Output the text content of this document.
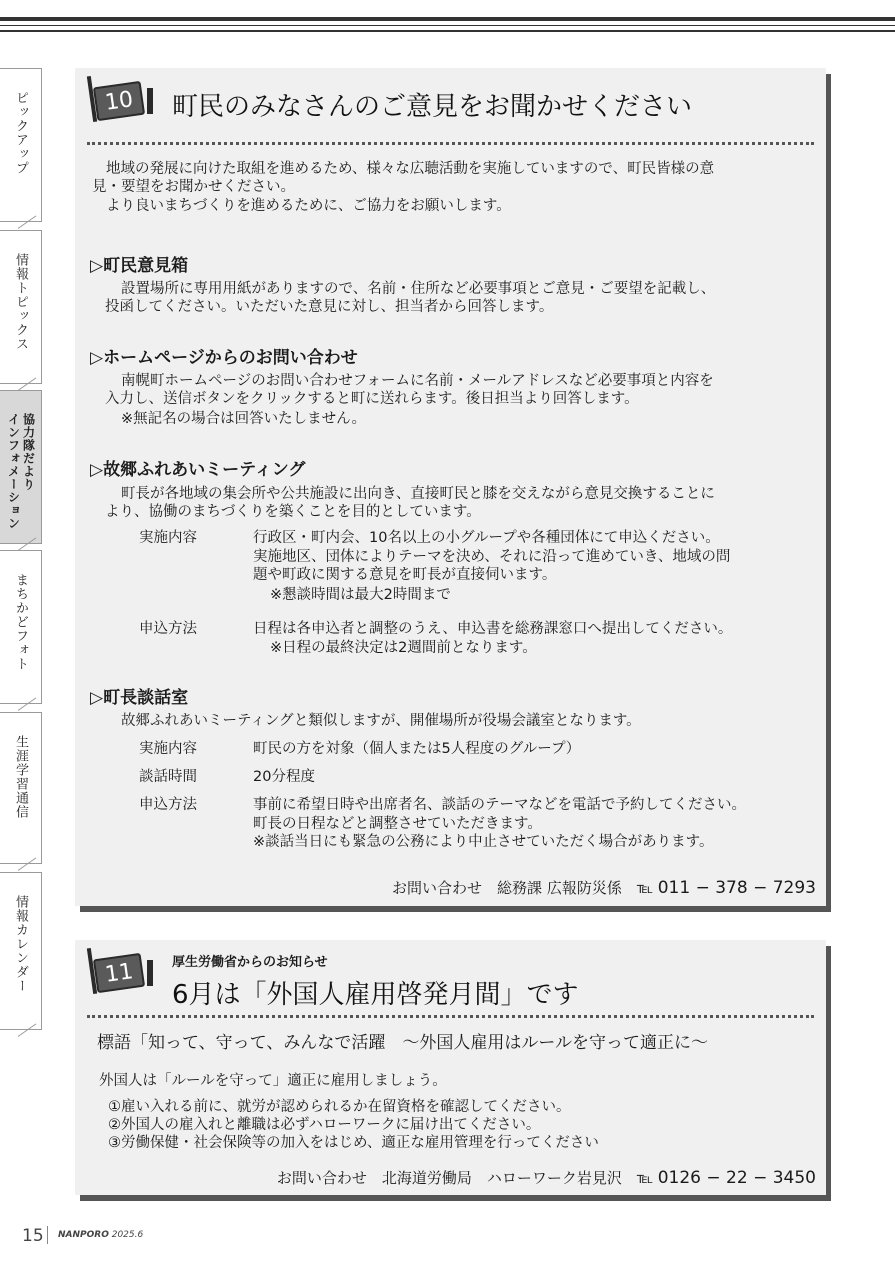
ピックアップ
情報トピックス
インフォメーション 協力隊だより
まちかどフォト
生涯学習通信
情報カレンダー
10	町民のみなさんのご意見をお聞かせください
地域の発展に向けた取組を進めるため、様々な広聴活動を実施していますので、町民皆様の意
見・要望をお聞かせください。
より良いまちづくりを進めるために、ご協力をお願いします。
▷町民意見箱
設置場所に専用用紙がありますので、名前・住所など必要事項とご意見・ご要望を記載し、
投函してください。いただいた意見に対し、担当者から回答します。
▷ホームページからのお問い合わせ
南幌町ホームページのお問い合わせフォームに名前・メールアドレスなど必要事項と内容を
入力し、送信ボタンをクリックすると町に送れらます。後日担当より回答します。
※無記名の場合は回答いたしません。
▷故郷ふれあいミーティング
町長が各地域の集会所や公共施設に出向き、直接町民と膝を交えながら意見交換することに
より、協働のまちづくりを築くことを目的としています。
実施内容	行政区・町内会、10名以上の小グループや各種団体にて申込ください。
実施地区、団体によりテーマを決め、それに沿って進めていき、地域の問
題や町政に関する意見を町長が直接伺います。
※懇談時間は最大2時間まで
申込方法	日程は各申込者と調整のうえ、申込書を総務課窓口へ提出してください。
※日程の最終決定は2週間前となります。
▷町長談話室
故郷ふれあいミーティングと類似しますが、開催場所が役場会議室となります。
実施内容	町民の方を対象（個人または5人程度のグループ）
談話時間	20分程度
申込方法	事前に希望日時や出席者名、談話のテーマなどを電話で予約してください。
町長の日程などと調整させていただきます。
※談話当日にも緊急の公務により中止させていただく場合があります。
お問い合わせ　総務課 広報防災係　℡ 011 − 378 − 7293
11	厚生労働省からのお知らせ
6月は「外国人雇用啓発月間」です
標語「知って、守って、みんなで活躍　〜外国人雇用はルールを守って適正に〜
外国人は「ルールを守って」適正に雇用しましょう。
①雇い入れる前に、就労が認められるか在留資格を確認してください。
②外国人の雇入れと離職は必ずハローワークに届け出てください。
③労働保健・社会保険等の加入をはじめ、適正な雇用管理を行ってください
お問い合わせ　北海道労働局　ハローワーク岩見沢　℡ 0126 − 22 − 3450
15 NANPORO 2025.6
